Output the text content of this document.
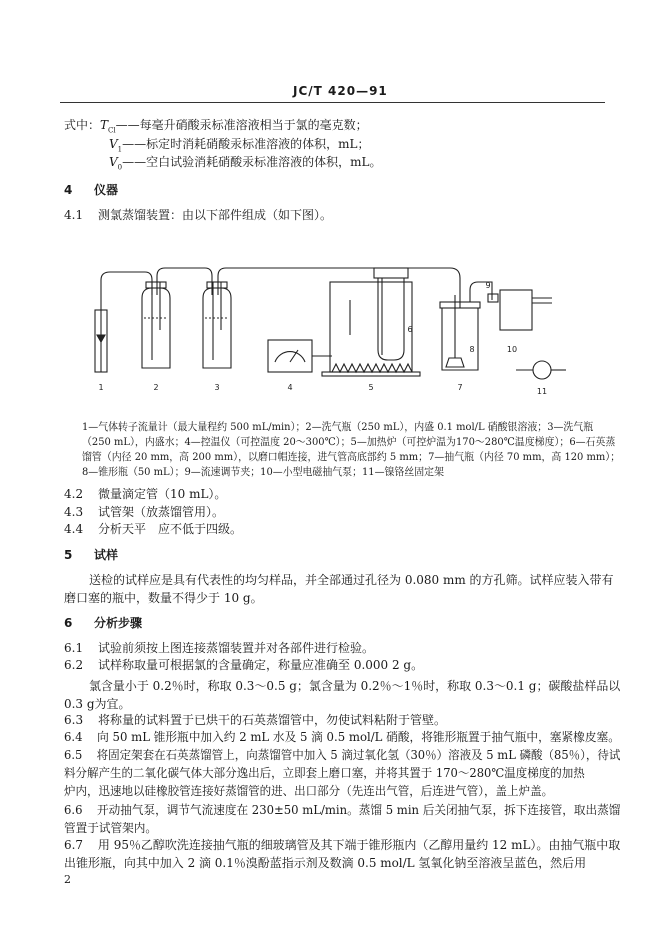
JC/T 420—91
式中： $T_{Cl}——$每毫升硝酸汞标准溶液相当于氯的毫克数；
$V_1——$标定时消耗硝酸汞标准溶液的体积，mL；
$V_0——$空白试验消耗硝酸汞标准溶液的体积，mL。
4 仪器
4.1 测氯蒸馏装置：由以下部件组成（如下图）。
1	2	3	4	5
6
7
8
9
10
11
1—气体转子流量计（最大量程约 500 mL/min）；2—洗气瓶（250 mL），内盛 0.1 mol/L 硝酸银溶液；3—洗气瓶
（250 mL），内盛水；4—控温仪（可控温度 20～300℃）；5—加热炉（可控炉温为170～280℃温度梯度）；6—石英蒸
馏管（内径 20 mm，高 200 mm），以磨口帽连接，进气管高底部约 5 mm；7—抽气瓶（内径 70 mm，高 120 mm）；
8—锥形瓶（50 mL）；9—流速调节夹；10—小型电磁抽气泵；11—镍铬丝固定架
4.2 微量滴定管（10 mL）。
4.3 试管架（放蒸馏管用）。
4.4 分析天平　应不低于四级。
5 试样
送检的试样应是具有代表性的均匀样品，并全部通过孔径为 0.080 mm 的方孔筛。试样应装入带有
磨口塞的瓶中，数量不得少于 10 g。
6 分析步骤
6.1 试验前须按上图连接蒸馏装置并对各部件进行检验。
6.2 试样称取量可根据氯的含量确定，称量应准确至 0.000 2 g。
氯含量小于 0.2％时，称取 0.3～0.5 g；氯含量为 0.2％～1％时，称取 0.3～0.1 g；碳酸盐样品以
0.3 g为宜。
6.3 将称量的试料置于已烘干的石英蒸馏管中，勿使试料粘附于管壁。
6.4 向 50 mL 锥形瓶中加入约 2 mL 水及 5 滴 0.5 mol/L 硝酸，将锥形瓶置于抽气瓶中，塞紧橡皮塞。
6.5 将固定架套在石英蒸馏管上，向蒸馏管中加入 5 滴过氧化氢（30％）溶液及 5 mL 磷酸（85％），待试
料分解产生的二氧化碳气体大部分逸出后，立即套上磨口塞，并将其置于 170～280℃温度梯度的加热
炉内，迅速地以硅橡胶管连接好蒸馏管的进、出口部分（先连出气管，后连进气管），盖上炉盖。
6.6 开动抽气泵，调节气流速度在 230±50 mL/min。蒸馏 5 min 后关闭抽气泵，拆下连接管，取出蒸馏
管置于试管架内。
6.7 用 95％乙醇吹洗连接抽气瓶的细玻璃管及其下端于锥形瓶内（乙醇用量约 12 mL）。由抽气瓶中取
出锥形瓶，向其中加入 2 滴 0.1％溴酚蓝指示剂及数滴 0.5 mol/L 氢氧化钠至溶液呈蓝色，然后用
2
